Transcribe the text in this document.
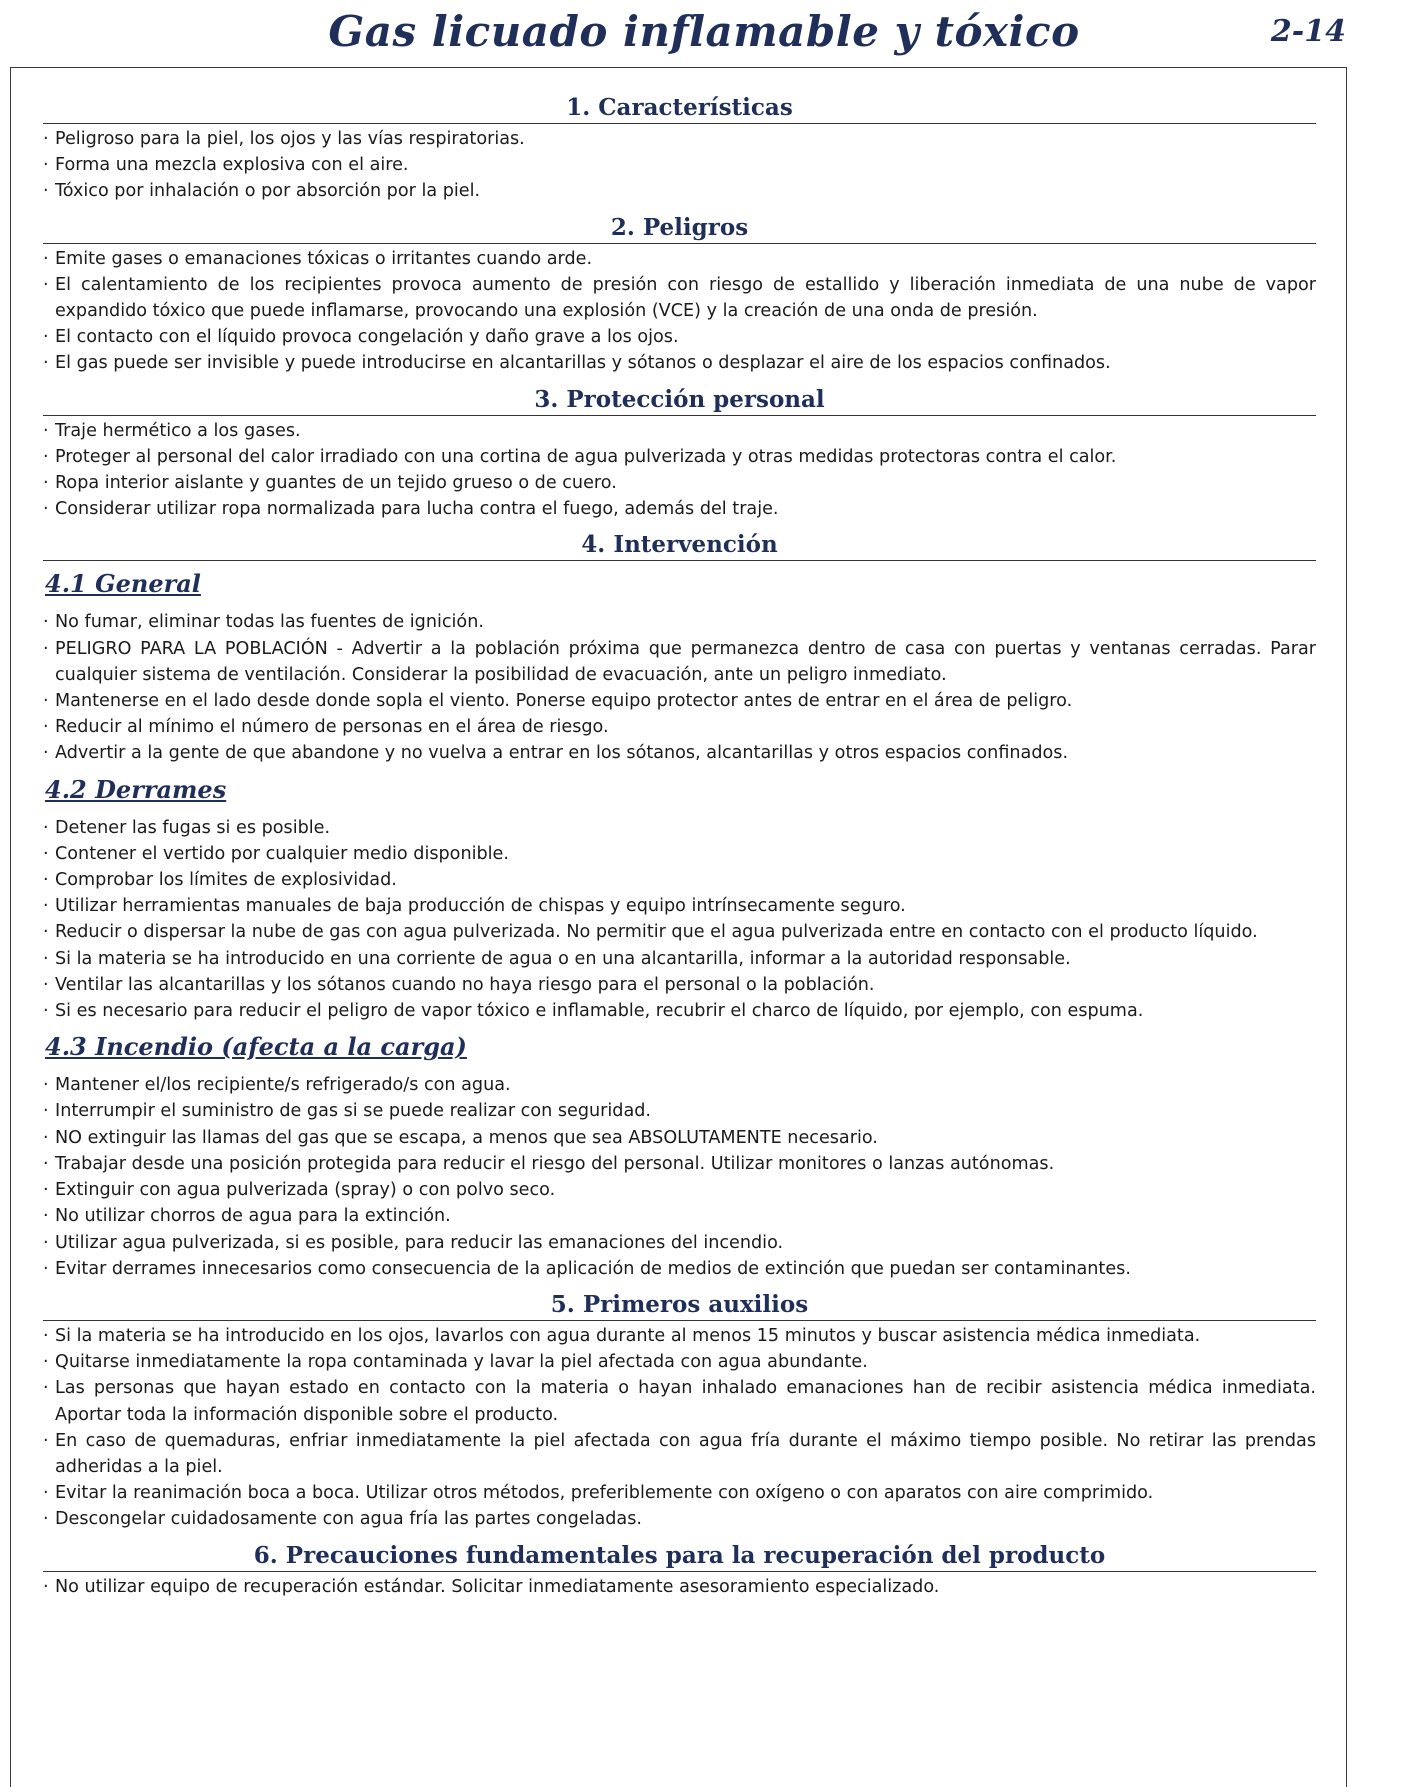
Gas licuado inflamable y tóxico	2-14
1. Características
· Peligroso para la piel, los ojos y las vías respiratorias.
· Forma una mezcla explosiva con el aire.
· Tóxico por inhalación o por absorción por la piel.
2. Peligros
· Emite gases o emanaciones tóxicas o irritantes cuando arde.
· El calentamiento de los recipientes provoca aumento de presión con riesgo de estallido y liberación inmediata de una nube de vapor expandido tóxico que puede inflamarse, provocando una explosión (VCE) y la creación de una onda de presión.
· El contacto con el líquido provoca congelación y daño grave a los ojos.
· El gas puede ser invisible y puede introducirse en alcantarillas y sótanos o desplazar el aire de los espacios confinados.
3. Protección personal
· Traje hermético a los gases.
· Proteger al personal del calor irradiado con una cortina de agua pulverizada y otras medidas protectoras contra el calor.
· Ropa interior aislante y guantes de un tejido grueso o de cuero.
· Considerar utilizar ropa normalizada para lucha contra el fuego, además del traje.
4. Intervención
4.1 General
· No fumar, eliminar todas las fuentes de ignición.
· PELIGRO PARA LA POBLACIÓN - Advertir a la población próxima que permanezca dentro de casa con puertas y ventanas cerradas. Parar cualquier sistema de ventilación. Considerar la posibilidad de evacuación, ante un peligro inmediato.
· Mantenerse en el lado desde donde sopla el viento. Ponerse equipo protector antes de entrar en el área de peligro.
· Reducir al mínimo el número de personas en el área de riesgo.
· Advertir a la gente de que abandone y no vuelva a entrar en los sótanos, alcantarillas y otros espacios confinados.
4.2 Derrames
· Detener las fugas si es posible.
· Contener el vertido por cualquier medio disponible.
· Comprobar los límites de explosividad.
· Utilizar herramientas manuales de baja producción de chispas y equipo intrínsecamente seguro.
· Reducir o dispersar la nube de gas con agua pulverizada. No permitir que el agua pulverizada entre en contacto con el producto líquido.
· Si la materia se ha introducido en una corriente de agua o en una alcantarilla, informar a la autoridad responsable.
· Ventilar las alcantarillas y los sótanos cuando no haya riesgo para el personal o la población.
· Si es necesario para reducir el peligro de vapor tóxico e inflamable, recubrir el charco de líquido, por ejemplo, con espuma.
4.3 Incendio (afecta a la carga)
· Mantener el/los recipiente/s refrigerado/s con agua.
· Interrumpir el suministro de gas si se puede realizar con seguridad.
· NO extinguir las llamas del gas que se escapa, a menos que sea ABSOLUTAMENTE necesario.
· Trabajar desde una posición protegida para reducir el riesgo del personal. Utilizar monitores o lanzas autónomas.
· Extinguir con agua pulverizada (spray) o con polvo seco.
· No utilizar chorros de agua para la extinción.
· Utilizar agua pulverizada, si es posible, para reducir las emanaciones del incendio.
· Evitar derrames innecesarios como consecuencia de la aplicación de medios de extinción que puedan ser contaminantes.
5. Primeros auxilios
· Si la materia se ha introducido en los ojos, lavarlos con agua durante al menos 15 minutos y buscar asistencia médica inmediata.
· Quitarse inmediatamente la ropa contaminada y lavar la piel afectada con agua abundante.
· Las personas que hayan estado en contacto con la materia o hayan inhalado emanaciones han de recibir asistencia médica inmediata. Aportar toda la información disponible sobre el producto.
· En caso de quemaduras, enfriar inmediatamente la piel afectada con agua fría durante el máximo tiempo posible. No retirar las prendas adheridas a la piel.
· Evitar la reanimación boca a boca. Utilizar otros métodos, preferiblemente con oxígeno o con aparatos con aire comprimido.
· Descongelar cuidadosamente con agua fría las partes congeladas.
6. Precauciones fundamentales para la recuperación del producto
· No utilizar equipo de recuperación estándar. Solicitar inmediatamente asesoramiento especializado.
